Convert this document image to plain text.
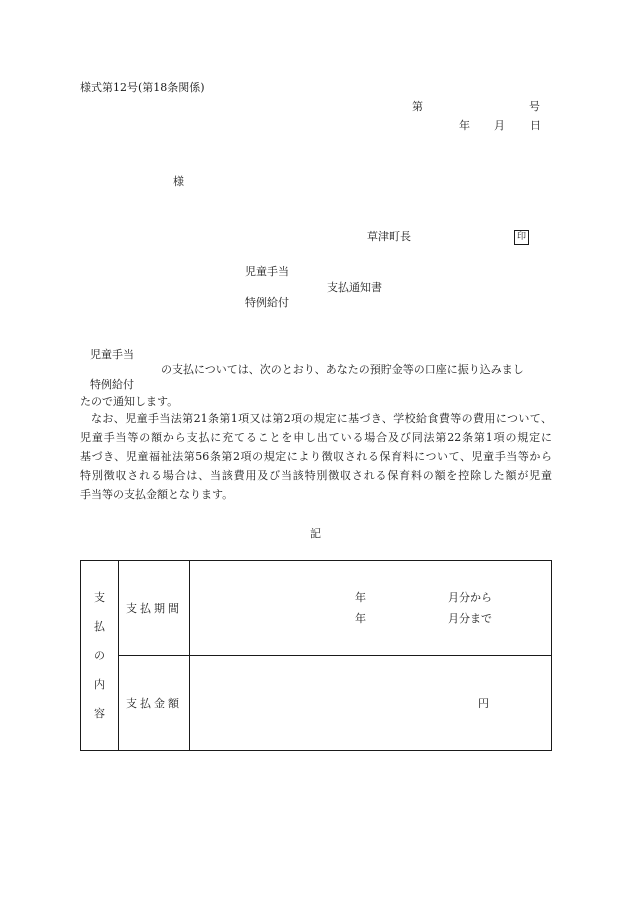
様式第12号(第18条関係)
第	号
年 月 日
様
草津町長	印
児童手当
支払通知書
特例給付
児童手当
の支払については、次のとおり、あなたの預貯金等の口座に振り込みまし
特例給付
たので通知します。
なお、児童手当法第21条第1項又は第2項の規定に基づき、学校給食費等の費用について、
児童手当等の額から支払に充てることを申し出ている場合及び同法第22条第1項の規定に
基づき、児童福祉法第56条第2項の規定により徴収される保育料について、児童手当等から
特別徴収される場合は、当該費用及び当該特別徴収される保育料の額を控除した額が児童
手当等の支払金額となります。
記
支
払
の
内
容	支払期間	年 月分から
年 月分まで

	支払金額	円
